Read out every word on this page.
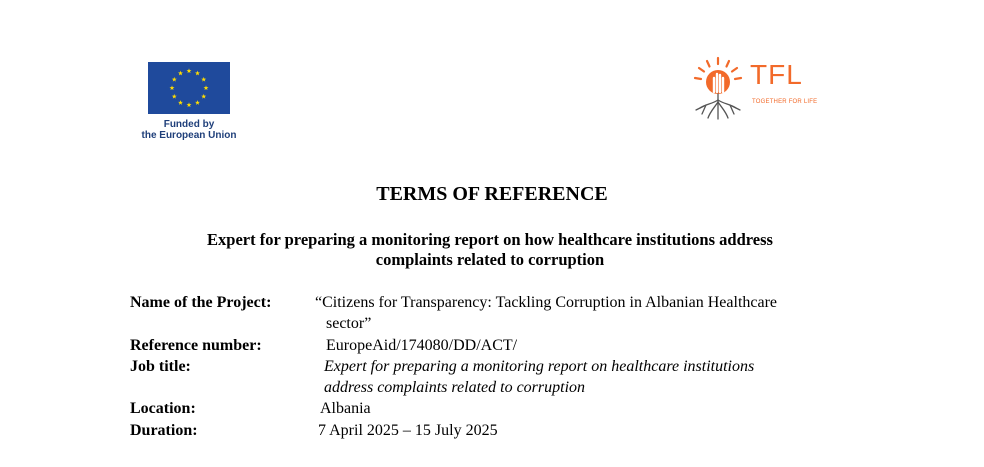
Funded by
the European Union
TFL
TOGETHER FOR LIFE
TERMS OF REFERENCE
Expert for preparing a monitoring report on how healthcare institutions address
complaints related to corruption
Name of the Project:	“Citizens for Transparency: Tackling Corruption in Albanian Healthcare
sector”
Reference number:	EuropeAid/174080/DD/ACT/
Job title:	Expert for preparing a monitoring report on healthcare institutions
address complaints related to corruption
Location:	Albania
Duration:	7 April 2025 – 15 July 2025
